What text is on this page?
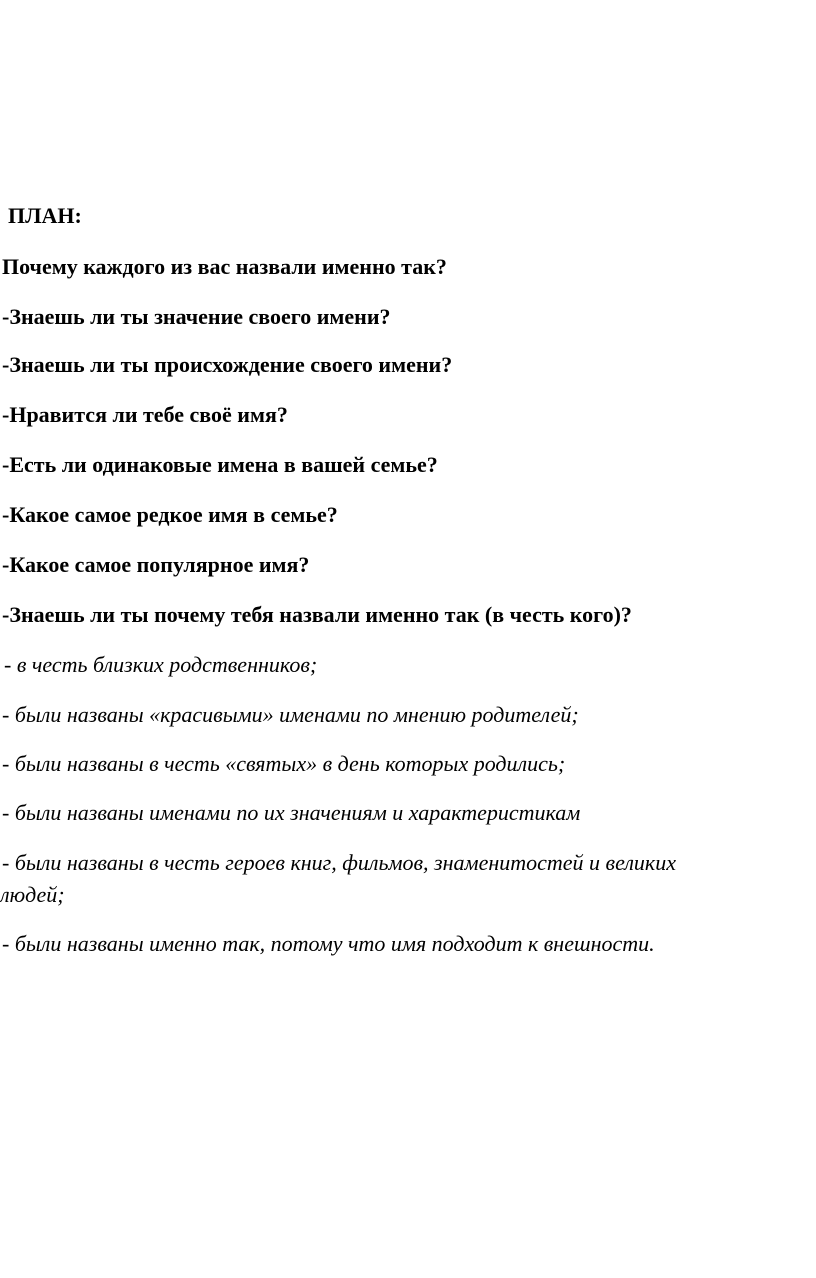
ПЛАН:
Почему каждого из вас назвали именно так?
-Знаешь ли ты значение своего имени?
-Знаешь ли ты происхождение своего имени?
-Нравится ли тебе своё имя?
-Есть ли одинаковые имена в вашей семье?
-Какое самое редкое имя в семье?
-Какое самое популярное имя?
-Знаешь ли ты почему тебя назвали именно так (в честь кого)?
- в честь близких родственников;
- были названы «красивыми» именами по мнению родителей;
- были названы в честь «святых» в день которых родились;
- были названы именами по их значениям и характеристикам
- были названы в честь героев книг, фильмов, знаменитостей и великих
людей;
- были названы именно так, потому что имя подходит к внешности.
